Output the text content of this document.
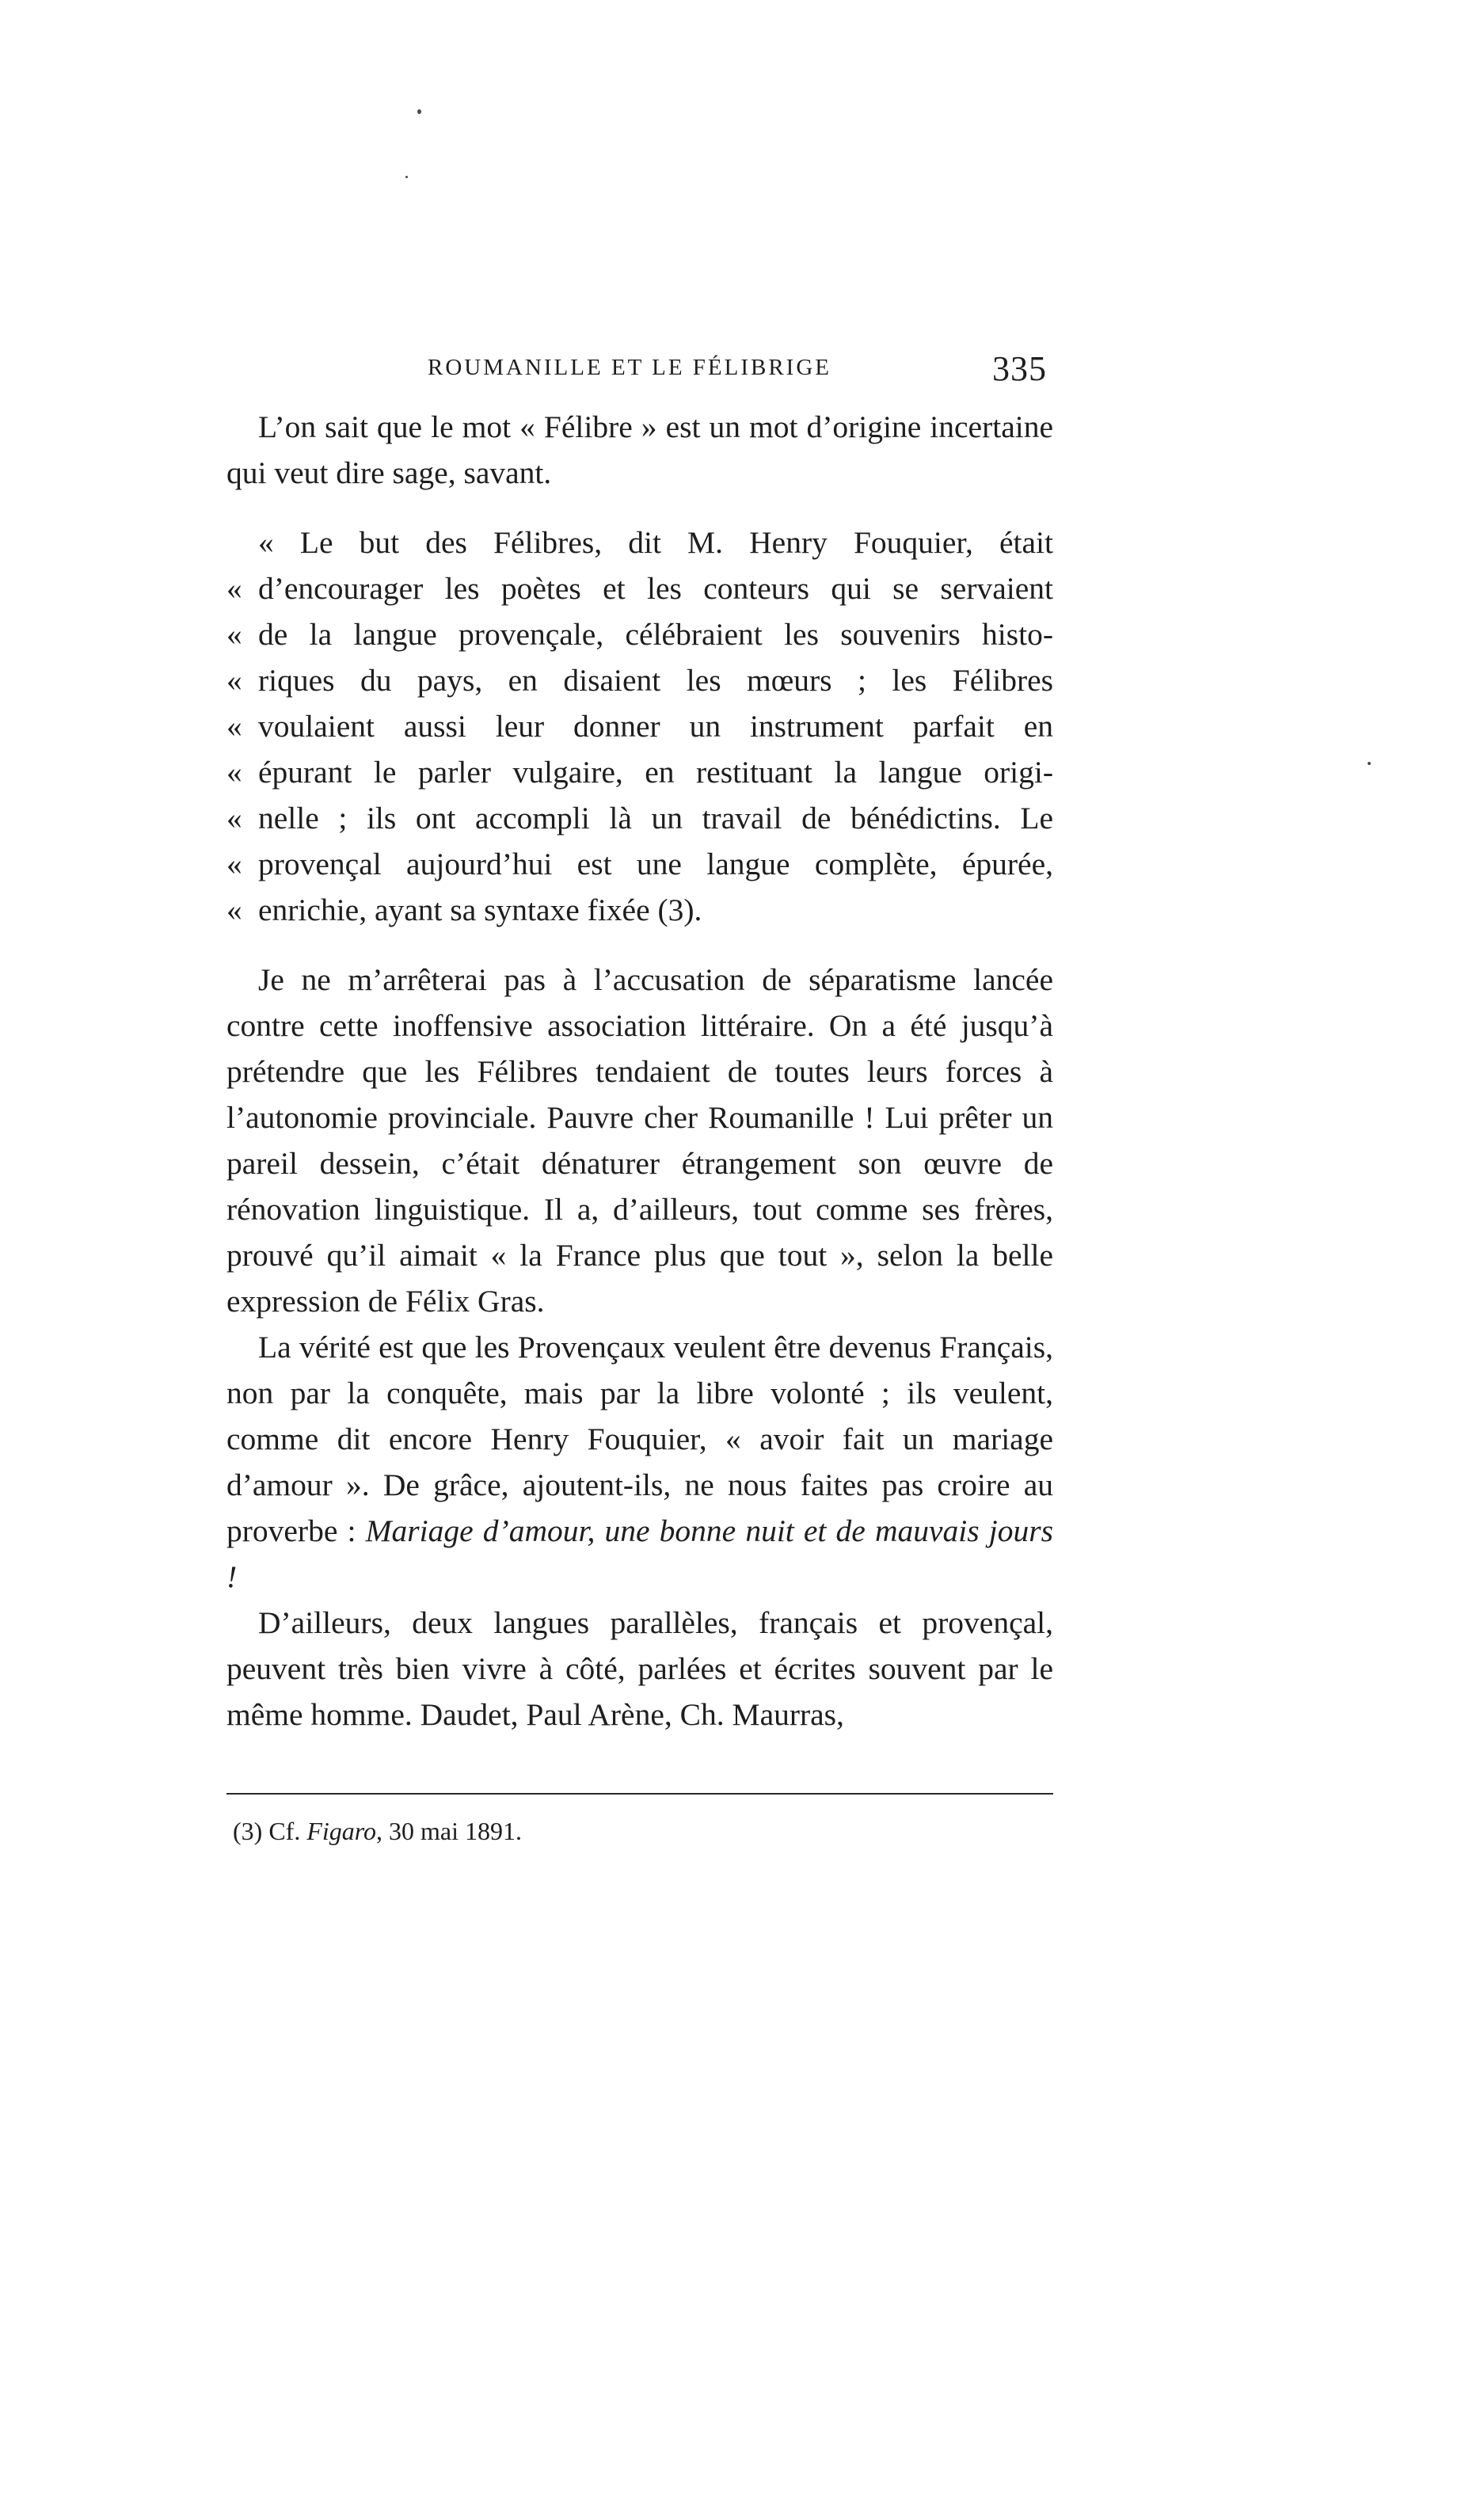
ROUMANILLE ET LE FÉLIBRIGE	335

L’on sait que le mot « Félibre » est un mot d’origine incertaine qui veut dire sage, savant.

« Le but des Félibres, dit M. Henry Fouquier, était
« d’encourager les poètes et les conteurs qui se servaient
« de la langue provençale, célébraient les souvenirs histo-
« riques du pays, en disaient les mœurs ; les Félibres
« voulaient aussi leur donner un instrument parfait en
« épurant le parler vulgaire, en restituant la langue origi-
« nelle ; ils ont accompli là un travail de bénédictins. Le
« provençal aujourd’hui est une langue complète, épurée,
« enrichie, ayant sa syntaxe fixée (3).

Je ne m’arrêterai pas à l’accusation de séparatisme lancée contre cette inoffensive association littéraire. On a été jusqu’à prétendre que les Félibres tendaient de toutes leurs forces à l’autonomie provinciale. Pauvre cher Roumanille ! Lui prêter un pareil dessein, c’était dénaturer étrangement son œuvre de rénovation linguistique. Il a, d’ailleurs, tout comme ses frères, prouvé qu’il aimait « la France plus que tout », selon la belle expression de Félix Gras.

La vérité est que les Provençaux veulent être devenus Français, non par la conquête, mais par la libre volonté ; ils veulent, comme dit encore Henry Fouquier, « avoir fait un mariage d’amour ». De grâce, ajoutent-ils, ne nous faites pas croire au proverbe : Mariage d’amour, une bonne nuit et de mauvais jours !

D’ailleurs, deux langues parallèles, français et provençal, peuvent très bien vivre à côté, parlées et écrites souvent par le même homme. Daudet, Paul Arène, Ch. Maurras,

(3) Cf. Figaro, 30 mai 1891.
